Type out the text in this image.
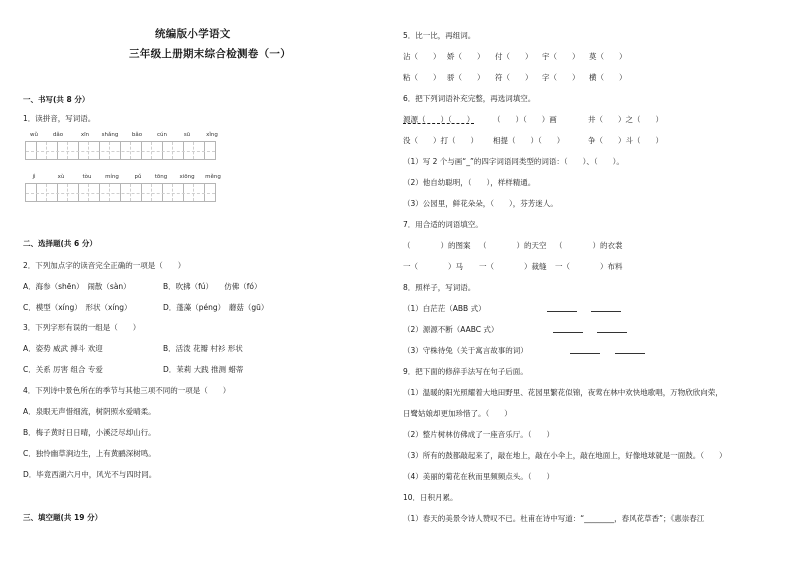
统编版小学语文
三年级上册期末综合检测卷（一）
一、书写(共 8 分）
1．读拼音，写词语。
wǔ	dǎo	xīn	shǎng	bǎo	cún	sū	xǐng
jì	xù	tòu	míng	pǔ	tōng	xiōng	měng
二、选择题(共 6 分）
2．下列加点字的读音完全正确的一项是（　　）
A．海参（shēn）　闹散（sàn）	B．吹拂（fú）　　仿佛（fó）
C．模型（xíng）　形状（xíng）	D．蓬藻（péng）　蘑菇（gū）
3．下列字形有误的一组是（　　）
A．姿势 威武 搏斗 欢迎	B．活泼 花瓣 村衫 形状
C．关系 厉害 组合 专爱	D．茉莉 大践 推测 蜡蒂
4．下列诗中景色所在的季节与其他三项不同的一项是（　　）
A．泉眼无声惜细流，树阴照水爱晴柔。
B．梅子黄时日日晴，小溪泛尽却山行。
C．独怜幽草涧边生，上有黄鹂深树鸣。
D．毕竟西湖六月中，风光不与四时同。
三、填空题(共 19 分）
5．比一比，再组词。
沾（　　） 娇（　　） 付（　　） 宇（　　） 莫（　　）
粘（　　） 骄（　　） 符（　　） 字（　　） 横（　　）
6．把下列词语补充完整，再选词填空。
源源（　　）（　　）	（　　）（　　）画	井（　　）之（　　）
没（　　）打（　　） 相提（　　）（　　）	争（　　）斗（　　）
（1）写 2 个与画“_”的四字词语同类型的词语：（　　）、（　　）。
（2）他自幼聪明，（　　），样样精通。
（3）公园里，鲜花朵朵，（　　），芬芳迷人。
7．用合适的词语填空。
（　　　　）的图案 （　　　　）的天空 （　　　　）的衣裳
一（　　　　）马 一（　　　　）裁缝 一（　　　　）布料
8．照样子，写词语。
（1）白茫茫（ABB 式）
（2）源源不断（AABC 式）
（3）守株待兔（关于寓言故事的词）
9．把下面的修辞手法写在句子后面。
（1）温暖的阳光照耀着大地田野里、花园里繁花似锦，夜莺在林中欢快地歌唱，万物欣欣向荣，
日鹭姑娘却更加珍惜了。（　　）
（2）整片树林仿佛成了一座音乐厅。（　　）
（3）所有的鼓都敲起来了，敲在地上，敲在小伞上，敲在地面上，好像地球就是一面鼓。（　　）
（4）美丽的菊花在秋而里频频点头。（　　）
10．日积月累。
（1）春天的美景令诗人赞叹不已。杜甫在诗中写道：“________，春风花草香”；《惠崇春江
